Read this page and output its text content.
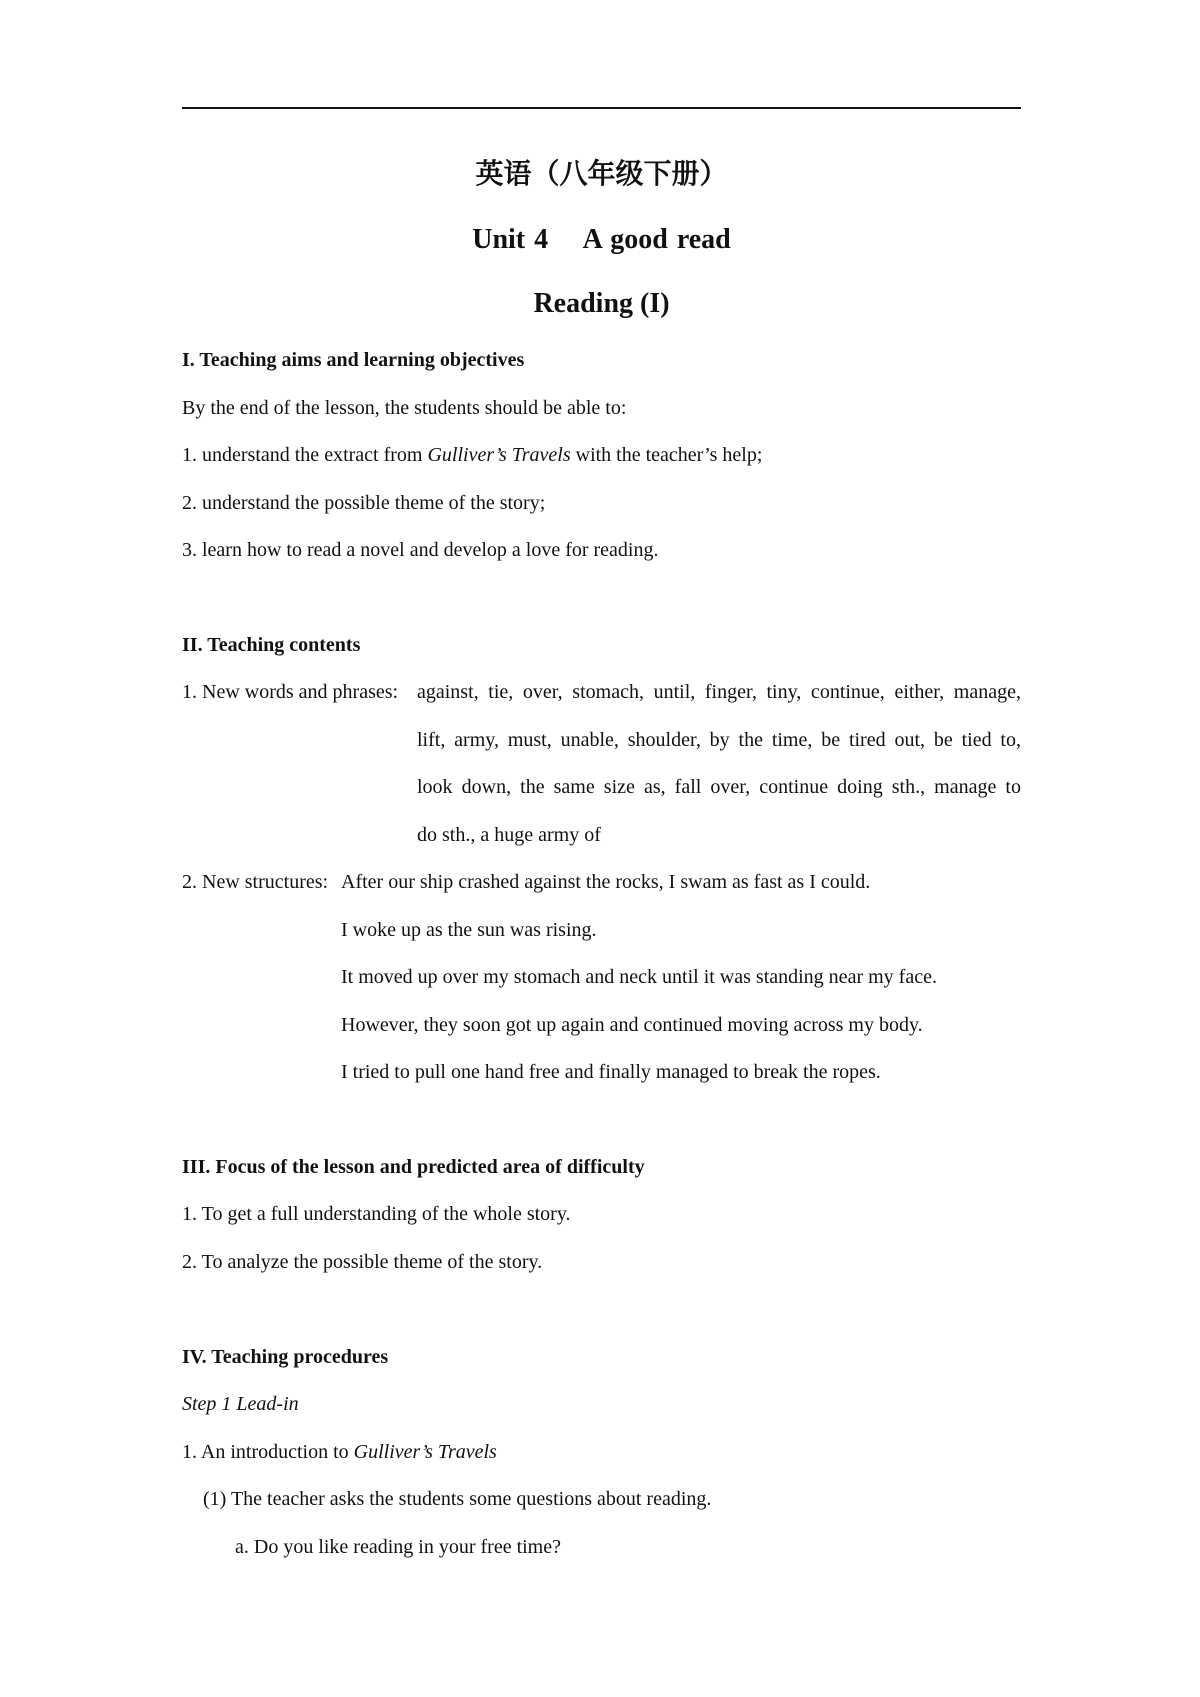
英语（八年级下册）
Unit 4    A good read
Reading (I)
I. Teaching aims and learning objectives
By the end of the lesson, the students should be able to:
1. understand the extract from Gulliver’s Travels with the teacher’s help;
2. understand the possible theme of the story;
3. learn how to read a novel and develop a love for reading.
II. Teaching contents
1. New words and phrases: against, tie, over, stomach, until, finger, tiny, continue, either, manage,
lift, army, must, unable, shoulder, by the time, be tired out, be tied to,
look down, the same size as, fall over, continue doing sth., manage to
do sth., a huge army of
2. New structures: After our ship crashed against the rocks, I swam as fast as I could.
I woke up as the sun was rising.
It moved up over my stomach and neck until it was standing near my face.
However, they soon got up again and continued moving across my body.
I tried to pull one hand free and finally managed to break the ropes.
III. Focus of the lesson and predicted area of difficulty
1. To get a full understanding of the whole story.
2. To analyze the possible theme of the story.
IV. Teaching procedures
Step 1 Lead-in
1. An introduction to Gulliver’s Travels
(1) The teacher asks the students some questions about reading.
a. Do you like reading in your free time?
